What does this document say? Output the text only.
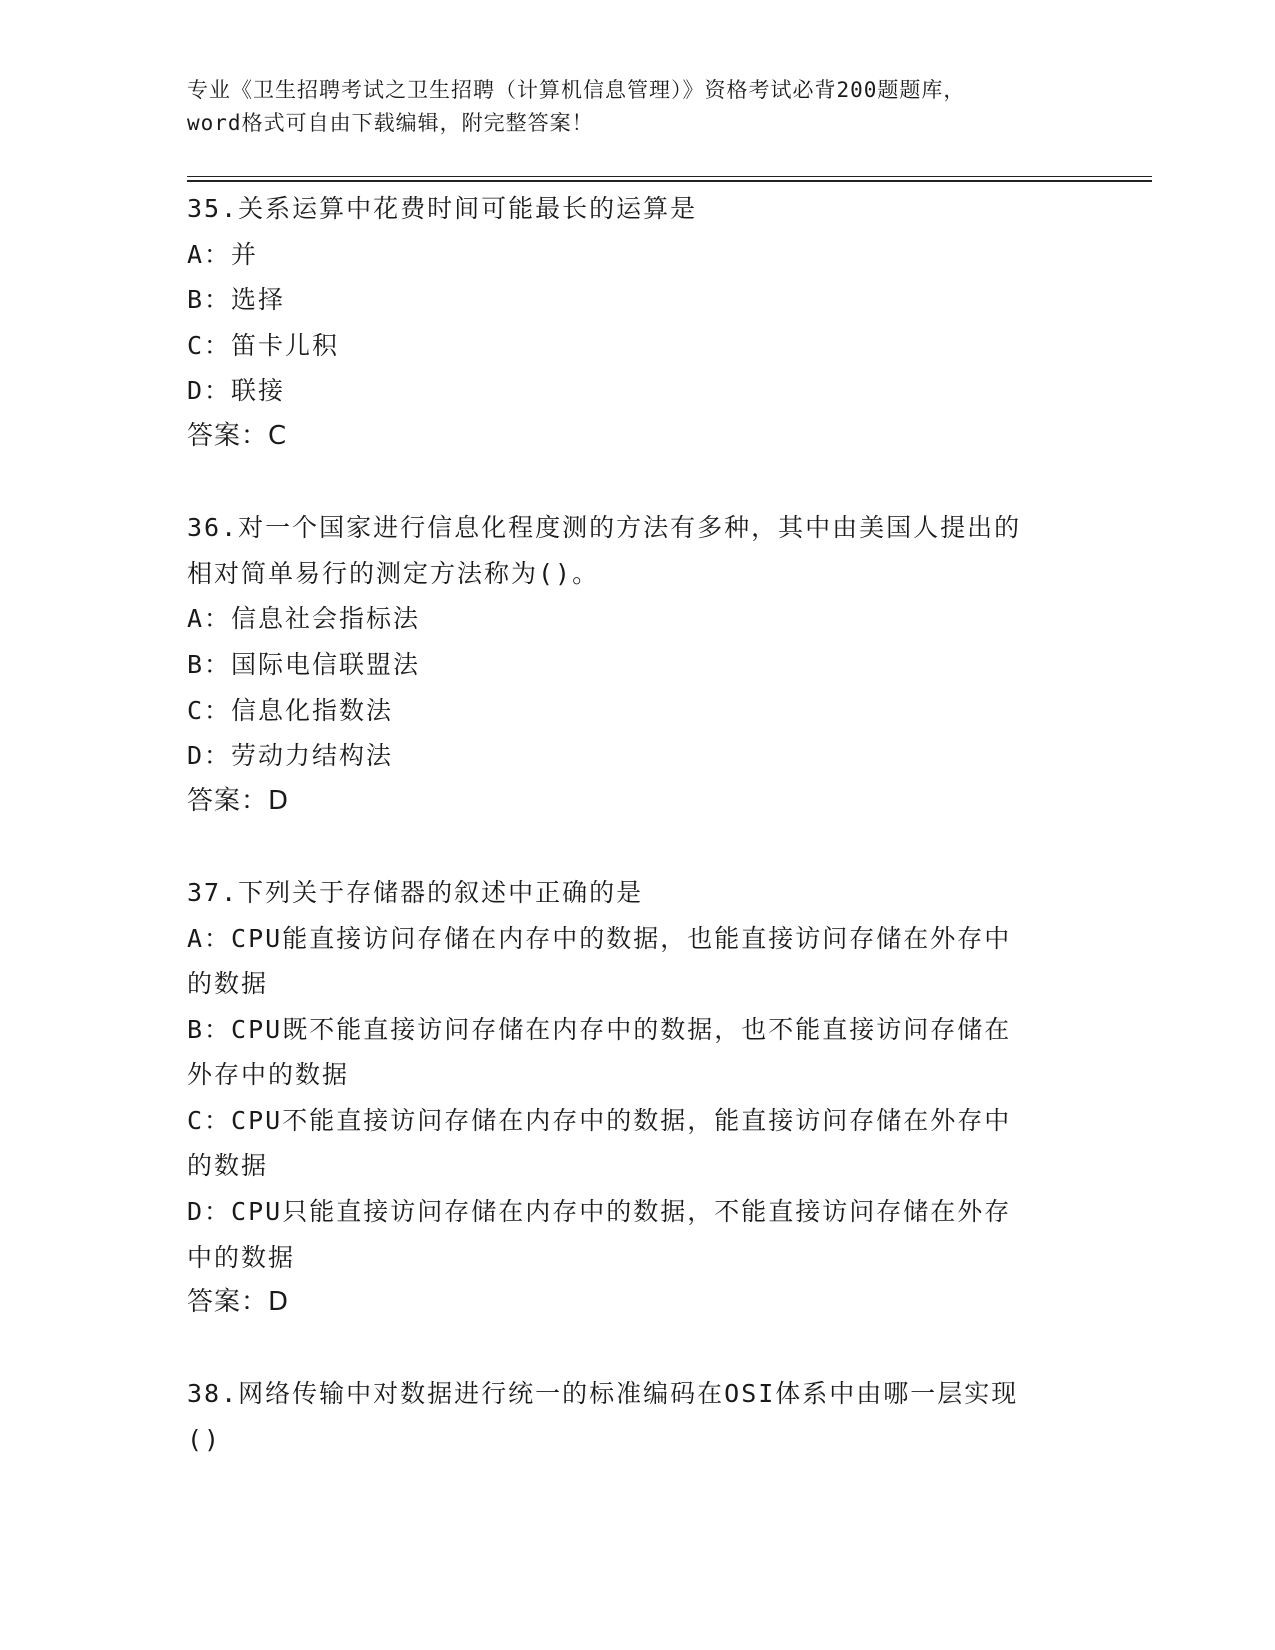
专业《卫生招聘考试之卫生招聘（计算机信息管理）》资格考试必背200题题库，
word格式可自由下载编辑，附完整答案！
35.关系运算中花费时间可能最长的运算是
A：并
B：选择
C：笛卡儿积
D：联接
答案：C
36.对一个国家进行信息化程度测的方法有多种，其中由美国人提出的
相对简单易行的测定方法称为()。
A：信息社会指标法
B：国际电信联盟法
C：信息化指数法
D：劳动力结构法
答案：D
37.下列关于存储器的叙述中正确的是
A：CPU能直接访问存储在内存中的数据，也能直接访问存储在外存中
的数据
B：CPU既不能直接访问存储在内存中的数据，也不能直接访问存储在
外存中的数据
C：CPU不能直接访问存储在内存中的数据，能直接访问存储在外存中
的数据
D：CPU只能直接访问存储在内存中的数据，不能直接访问存储在外存
中的数据
答案：D
38.网络传输中对数据进行统一的标准编码在OSI体系中由哪一层实现
()
